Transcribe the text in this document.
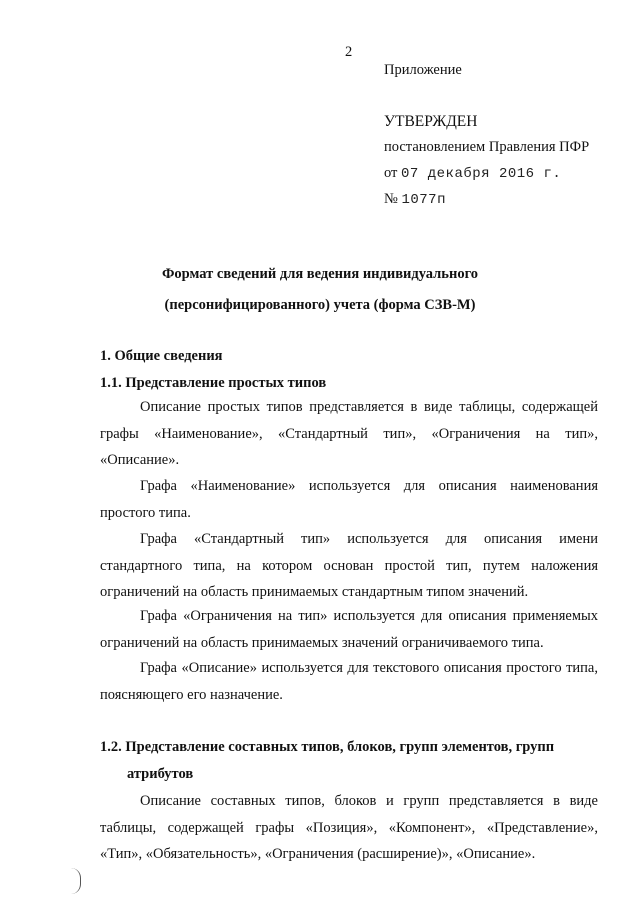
2
Приложение
УТВЕРЖДЕН
постановлением Правления ПФР
от 07 декабря 2016 г.
№ 1077п
Формат сведений для ведения индивидуального
(персонифицированного) учета (форма СЗВ-М)
1. Общие сведения
1.1. Представление простых типов
Описание простых типов представляется в виде таблицы, содержащей графы «Наименование», «Стандартный тип», «Ограничения на тип», «Описание».
Графа «Наименование» используется для описания наименования простого типа.
Графа «Стандартный тип» используется для описания имени стандартного типа, на котором основан простой тип, путем наложения ограничений на область принимаемых стандартным типом значений.
Графа «Ограничения на тип» используется для описания применяемых ограничений на область принимаемых значений ограничиваемого типа.
Графа «Описание» используется для текстового описания простого типа, поясняющего его назначение.
1.2. Представление составных типов, блоков, групп элементов, групп
атрибутов
Описание составных типов, блоков и групп представляется в виде таблицы, содержащей графы «Позиция», «Компонент», «Представление», «Тип», «Обязательность», «Ограничения (расширение)», «Описание».
